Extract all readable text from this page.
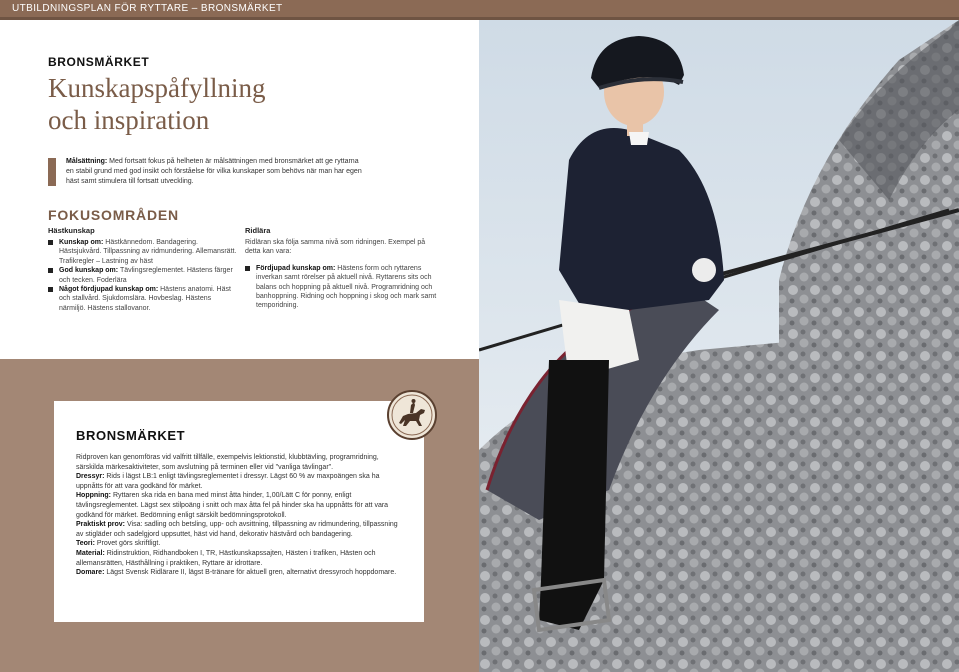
UTBILDNINGSPLAN FÖR RYTTARE – BRONSMÄRKET
BRONSMÄRKET
Kunskapspåfyllning
och inspiration
Målsättning: Med fortsatt fokus på helheten är målsättningen med bronsmärket att ge ryttarna en stabil grund med god insikt och förståelse för vilka kunskaper som behövs när man har egen häst samt stimulera till fortsatt utveckling.
FOKUSOMRÅDEN
Hästkunskap	Ridlära
Kunskap om: Hästkännedom. Bandagering. Hästsjukvård. Tillpassning av ridmundering. Allemansrätt. Trafikregler – Lastning av häst
God kunskap om: Tävlingsreglementet. Hästens färger och tecken. Foderlära
Något fördjupad kunskap om: Hästens anatomi. Häst och stallvård. Sjukdomslära. Hovbeslag. Hästens närmiljö. Hästens stallovanor.
Ridläran ska följa samma nivå som ridningen. Exempel på detta kan vara:
Fördjupad kunskap om: Hästens form och ryttarens inverkan samt rörelser på aktuell nivå. Ryttarens sits och balans och hoppning på aktuell nivå. Programridning och banhoppning. Ridning och hoppning i skog och mark samt temporidning.
BRONSMÄRKET
Ridproven kan genomföras vid valfritt tillfälle, exempelvis lektionstid, klubbtävling, programridning, särskilda märkesaktiviteter, som avslutning på terminen eller vid "vanliga tävlingar".
Dressyr: Rids i lägst LB:1 enligt tävlingsreglementet i dressyr. Lägst 60 % av maxpoängen ska ha uppnåtts för att vara godkänd för märket.
Hoppning: Ryttaren ska rida en bana med minst åtta hinder, 1,00/Lätt C för ponny, enligt tävlingsreglementet. Lägst sex stilpoäng i snitt och max åtta fel på hinder ska ha uppnåtts för att vara godkänd för märket. Bedömning enligt särskilt bedömningsprotokoll.
Praktiskt prov: Visa: sadling och betsling, upp- och avsittning, tillpassning av ridmundering, tillpassning av stigläder och sadelgjord uppsuttet, häst vid hand, dekorativ hästvård och bandagering.
Teori: Provet görs skriftligt.
Material: Ridinstruktion, Ridhandboken I, TR, Hästkunskapssajten, Hästen i trafiken, Hästen och allemansrätten, Hästhållning i praktiken, Ryttare är idrottare.
Domare: Lägst Svensk Ridlärare II, lägst B-tränare för aktuell gren, alternativt dressyroch hoppdomare.
